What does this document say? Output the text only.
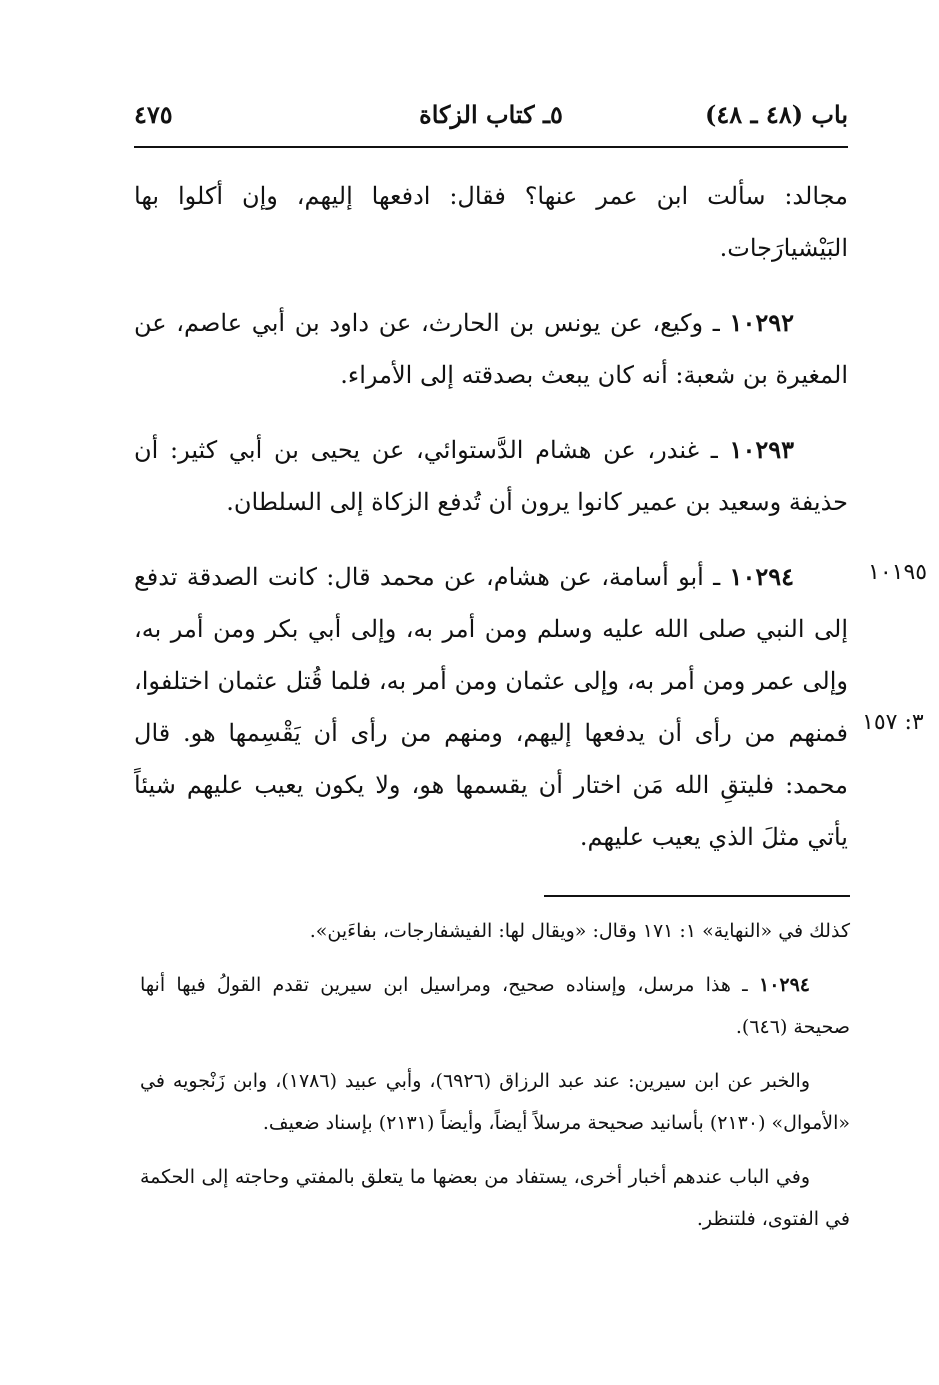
باب (٤٨ ـ ٤٨)
٥ـ كتاب الزكاة
٤٧٥

مجالد: سألت ابن عمر عنها؟ فقال: ادفعها إليهم، وإن أكلوا بها البَيْشيارَجات.

١٠٢٩٢ ـ وكيع، عن يونس بن الحارث، عن داود بن أبي عاصم، عن المغيرة بن شعبة: أنه كان يبعث بصدقته إلى الأمراء.

١٠٢٩٣ ـ غندر، عن هشام الدَّستوائي، عن يحيى بن أبي كثير: أن حذيفة وسعيد بن عمير كانوا يرون أن تُدفع الزكاة إلى السلطان.

١٠٢٩٤ ـ أبو أسامة، عن هشام، عن محمد قال: كانت الصدقة تدفع إلى النبي صلى الله عليه وسلم ومن أمر به، وإلى أبي بكر ومن أمر به، وإلى عمر ومن أمر به، وإلى عثمان ومن أمر به، فلما قُتل عثمان اختلفوا، فمنهم من رأى أن يدفعها إليهم، ومنهم من رأى أن يَقْسِمها هو. قال محمد: فليتقِ الله مَن اختار أن يقسمها هو، ولا يكون يعيب عليهم شيئاً يأتي مثلَ الذي يعيب عليهم.

١٠١٩٥
٣: ١٥٧

كذلك في «النهاية» ١: ١٧١ وقال: «ويقال لها: الفيشفارجات، بفاءَين».

١٠٢٩٤ ـ هذا مرسل، وإسناده صحيح، ومراسيل ابن سيرين تقدم القولُ فيها أنها صحيحة (٦٤٦).

والخبر عن ابن سيرين: عند عبد الرزاق (٦٩٢٦)، وأبي عبيد (١٧٨٦)، وابن زَنْجويه في «الأموال» (٢١٣٠) بأسانيد صحيحة مرسلاً أيضاً، وأيضاً (٢١٣١) بإسناد ضعيف.

وفي الباب عندهم أخبار أخرى، يستفاد من بعضها ما يتعلق بالمفتي وحاجته إلى الحكمة في الفتوى، فلتنظر.
